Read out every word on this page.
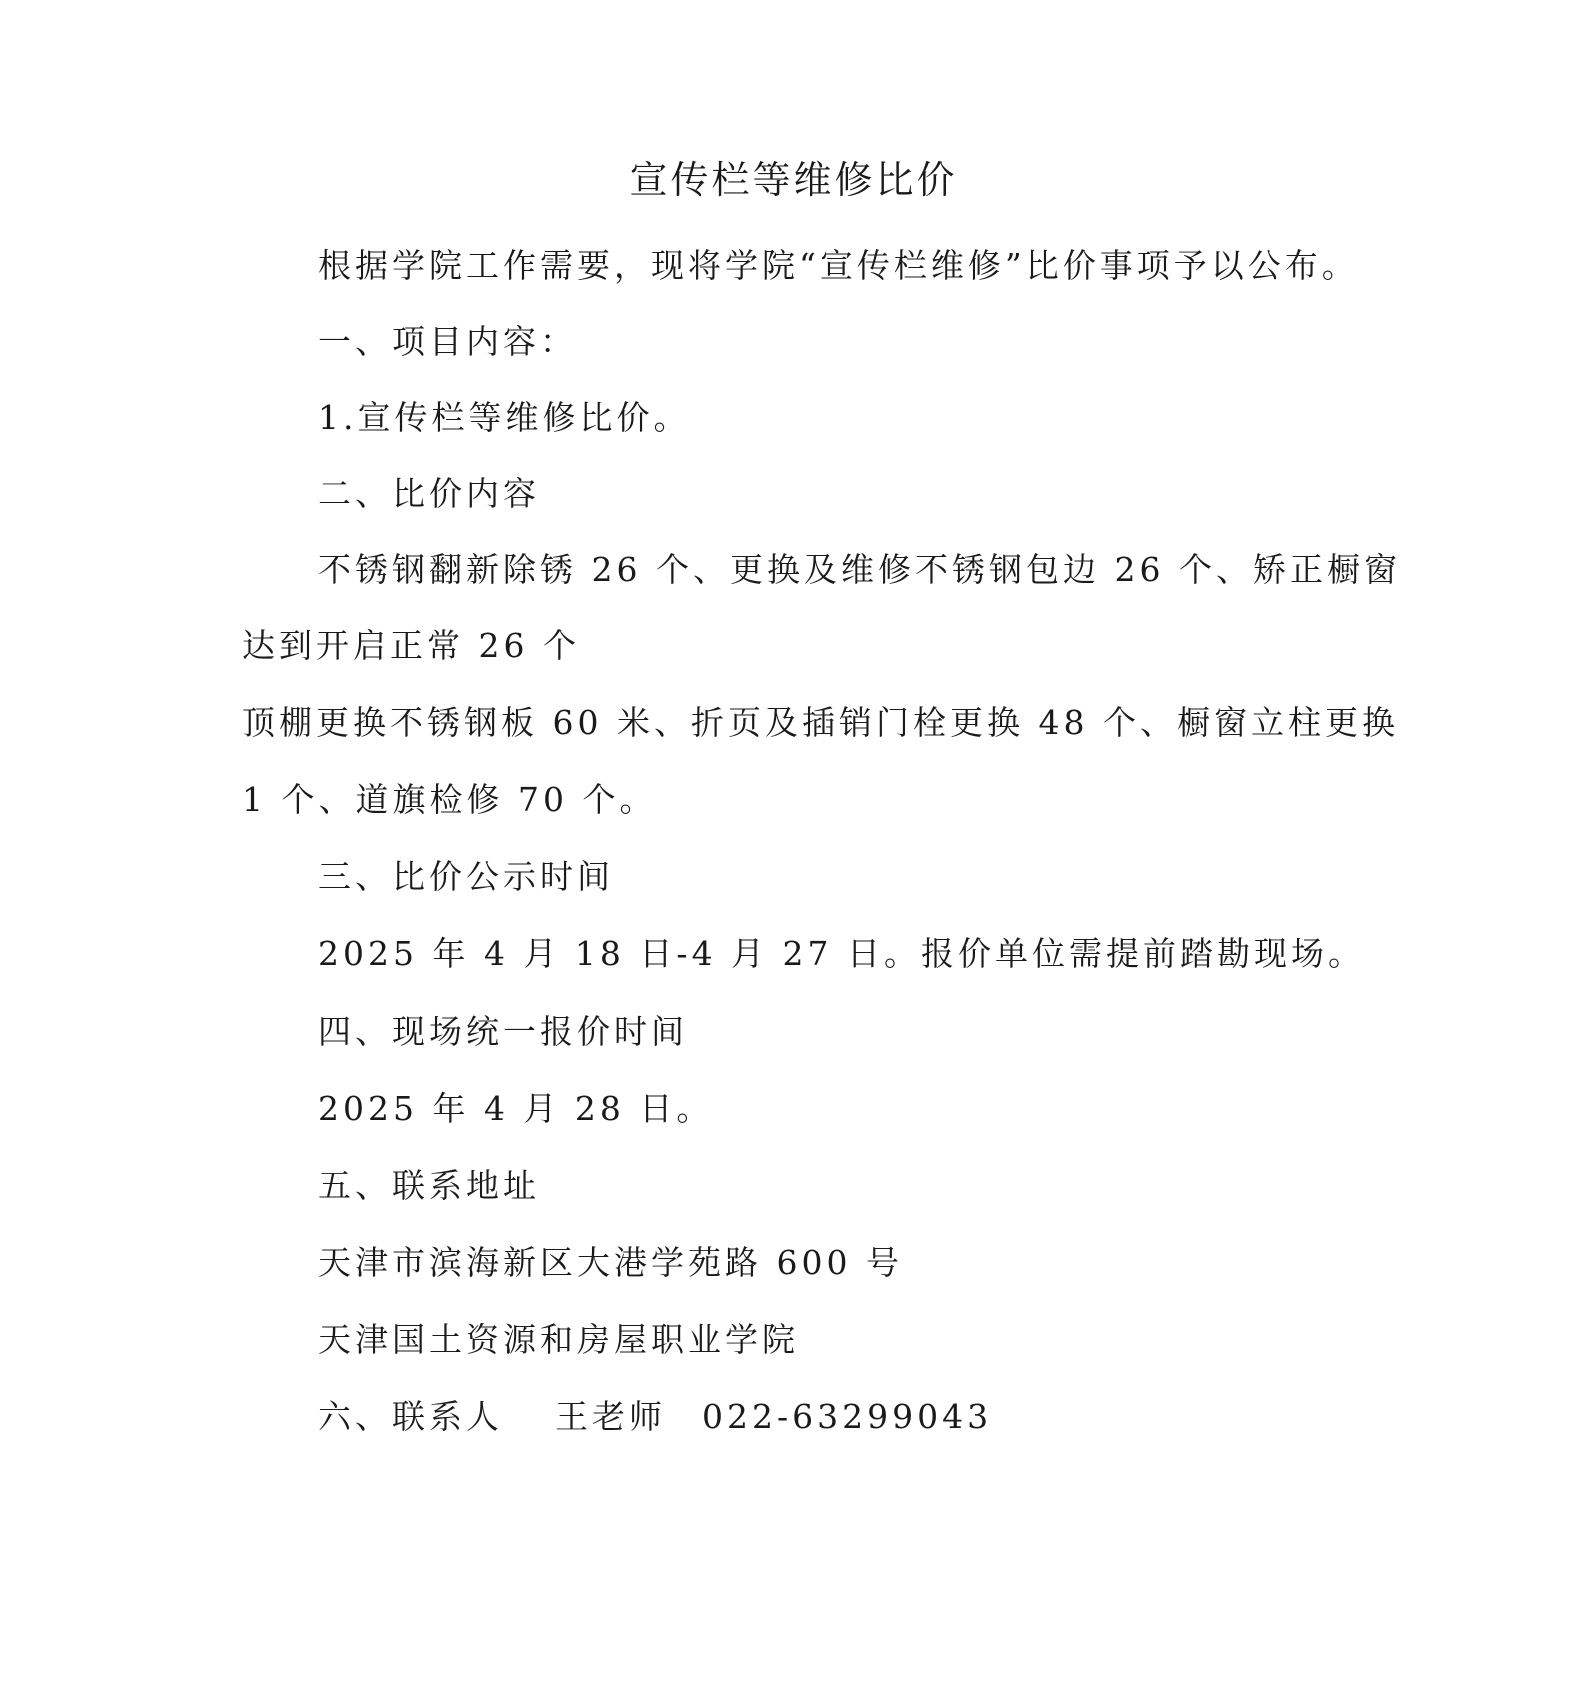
宣传栏等维修比价
根据学院工作需要，现将学院“宣传栏维修”比价事项予以公布。
一、项目内容：
1.宣传栏等维修比价。
二、比价内容
不锈钢翻新除锈 26 个、更换及维修不锈钢包边 26 个、矫正橱窗
达到开启正常 26 个
顶棚更换不锈钢板 60 米、折页及插销门栓更换 48 个、橱窗立柱更换
1 个、道旗检修 70 个。
三、比价公示时间
2025 年 4 月 18 日-4 月 27 日。报价单位需提前踏勘现场。
四、现场统一报价时间
2025 年 4 月 28 日。
五、联系地址
天津市滨海新区大港学苑路 600 号
天津国土资源和房屋职业学院
六、联系人 王老师 022-63299043
